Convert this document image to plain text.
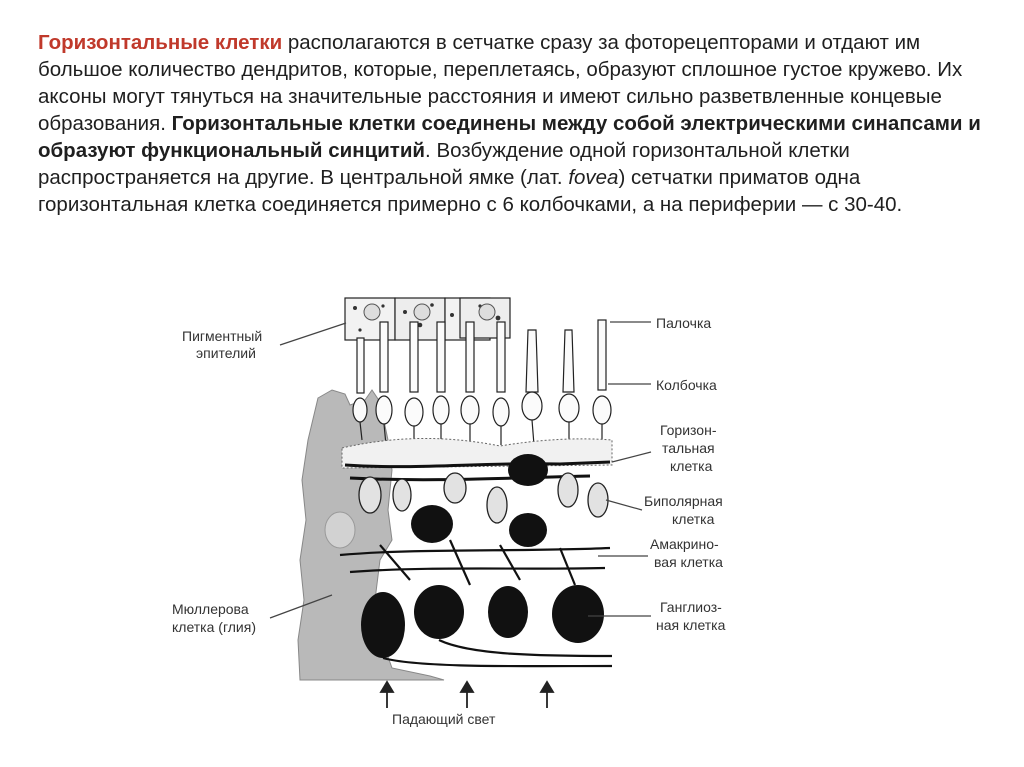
Горизонтальные клетки располагаются в сетчатке сразу за фоторецепторами и отдают им большое количество дендритов, которые, переплетаясь, образуют сплошное густое кружево. Их аксоны могут тянуться на значительные расстояния и имеют сильно разветвленные концевые образования. Горизонтальные клетки соединены между собой электрическими синапсами и образуют функциональный синцитий. Возбуждение одной горизонтальной клетки распространяется на другие. В центральной ямке (лат. fovea) сетчатки приматов одна горизонтальная клетка соединяется примерно с 6 колбочками, а на периферии — с 30-40.

Пигментный
эпителий
Палочка
Колбочка
Горизон-
тальная
клетка
Биполярная
клетка
Амакрино-
вая клетка
Мюллерова
клетка (глия)
Ганглиоз-
ная клетка
Падающий свет
